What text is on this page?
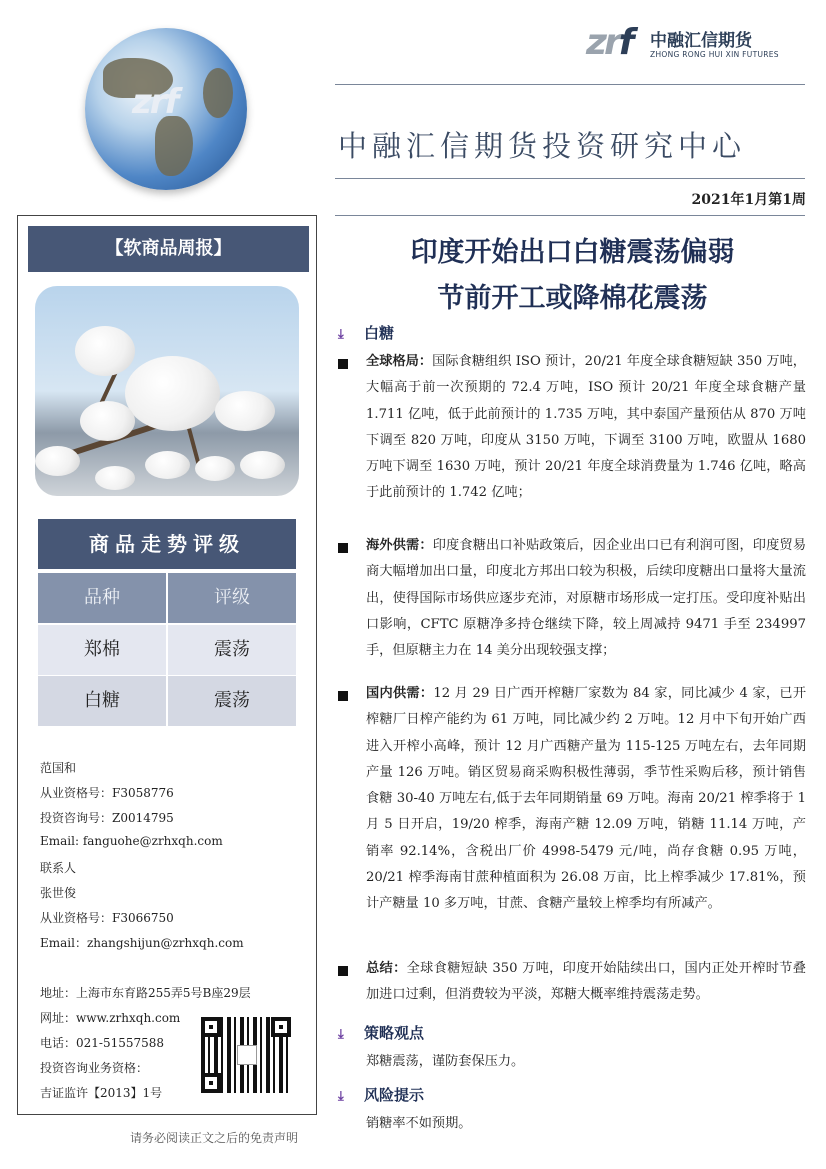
zrf
zrf 中融汇信期货
ZHONG RONG HUI XIN FUTURES
中融汇信期货投资研究中心
2021年1月第1周
【软商品周报】
商品走势评级
品种	评级
郑棉	震荡
白糖	震荡
范国和
从业资格号：F3058776
投资咨询号：Z0014795
Email: fanguohe@zrhxqh.com
联系人
张世俊
从业资格号：F3066750
Email：zhangshijun@zrhxqh.com
地址：上海市东育路255弄5号B座29层
网址：www.zrhxqh.com
电话：021-51557588
投资咨询业务资格：
吉证监许【2013】1号
请务必阅读正文之后的免责声明
印度开始出口白糖震荡偏弱
节前开工或降棉花震荡
⤓ 白糖
全球格局：国际食糖组织 ISO 预计，20/21 年度全球食糖短缺 350 万吨，大幅高于前一次预期的 72.4 万吨，ISO 预计 20/21 年度全球食糖产量 1.711 亿吨，低于此前预计的 1.735 万吨，其中泰国产量预估从 870 万吨下调至 820 万吨，印度从 3150 万吨，下调至 3100 万吨，欧盟从 1680 万吨下调至 1630 万吨，预计 20/21 年度全球消费量为 1.746 亿吨，略高于此前预计的 1.742 亿吨；
海外供需：印度食糖出口补贴政策后，因企业出口已有利润可图，印度贸易商大幅增加出口量，印度北方邦出口较为积极，后续印度糖出口量将大量流出，使得国际市场供应逐步充沛，对原糖市场形成一定打压。受印度补贴出口影响，CFTC 原糖净多持仓继续下降，较上周减持 9471 手至 234997 手，但原糖主力在 14 美分出现较强支撑；
国内供需：12 月 29 日广西开榨糖厂家数为 84 家，同比减少 4 家，已开榨糖厂日榨产能约为 61 万吨，同比减少约 2 万吨。12 月中下旬开始广西进入开榨小高峰，预计 12 月广西糖产量为 115-125 万吨左右，去年同期产量 126 万吨。销区贸易商采购积极性薄弱，季节性采购后移，预计销售食糖 30-40 万吨左右,低于去年同期销量 69 万吨。海南 20/21 榨季将于 1 月 5 日开启，19/20 榨季，海南产糖 12.09 万吨，销糖 11.14 万吨，产销率 92.14%，含税出厂价 4998-5479 元/吨，尚存食糖 0.95 万吨，20/21 榨季海南甘蔗种植面积为 26.08 万亩，比上榨季减少 17.81%，预计产糖量 10 多万吨，甘蔗、食糖产量较上榨季均有所减产。
总结：全球食糖短缺 350 万吨，印度开始陆续出口，国内正处开榨时节叠加进口过剩，但消费较为平淡，郑糖大概率维持震荡走势。
⤓ 策略观点
郑糖震荡，谨防套保压力。
⤓ 风险提示
销糖率不如预期。
